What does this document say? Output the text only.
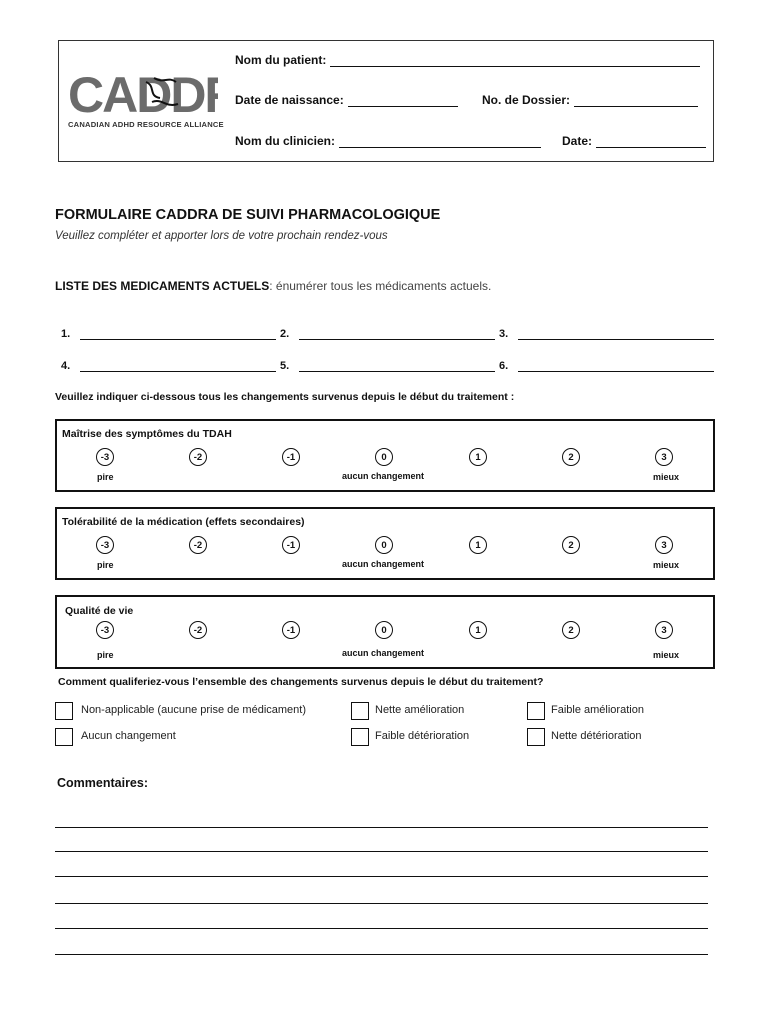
CADD
CANADIAN ADHD RESOURCE ALLIANCE
Nom du patient:
Date de naissance:	No. de Dossier:
Nom du clinicien:	Date:
FORMULAIRE CADDRA DE SUIVI PHARMACOLOGIQUE
Veuillez compléter et apporter lors de votre prochain rendez-vous
LISTE DES MEDICAMENTS ACTUELS: énumérer tous les médicaments actuels.
1.	2.	3.
4.	5.	6.
Veuillez indiquer ci-dessous tous les changements survenus depuis le début du traitement :
Maîtrise des symptômes du TDAH
-3	-2	-1	0	1	2	3
pire	aucun changement	mieux
Tolérabilité de la médication (effets secondaires)
-3	-2	-1	0	1	2	3
pire	aucun changement	mieux
Qualité de vie
-3	-2	-1	0	1	2	3
pire	aucun changement	mieux
Comment qualiferiez-vous l’ensemble des changements survenus depuis le début du traitement?
Non-applicable (aucune prise de médicament)	Nette amélioration	Faible amélioration
Aucun changement	Faible détérioration	Nette détérioration
Commentaires:
